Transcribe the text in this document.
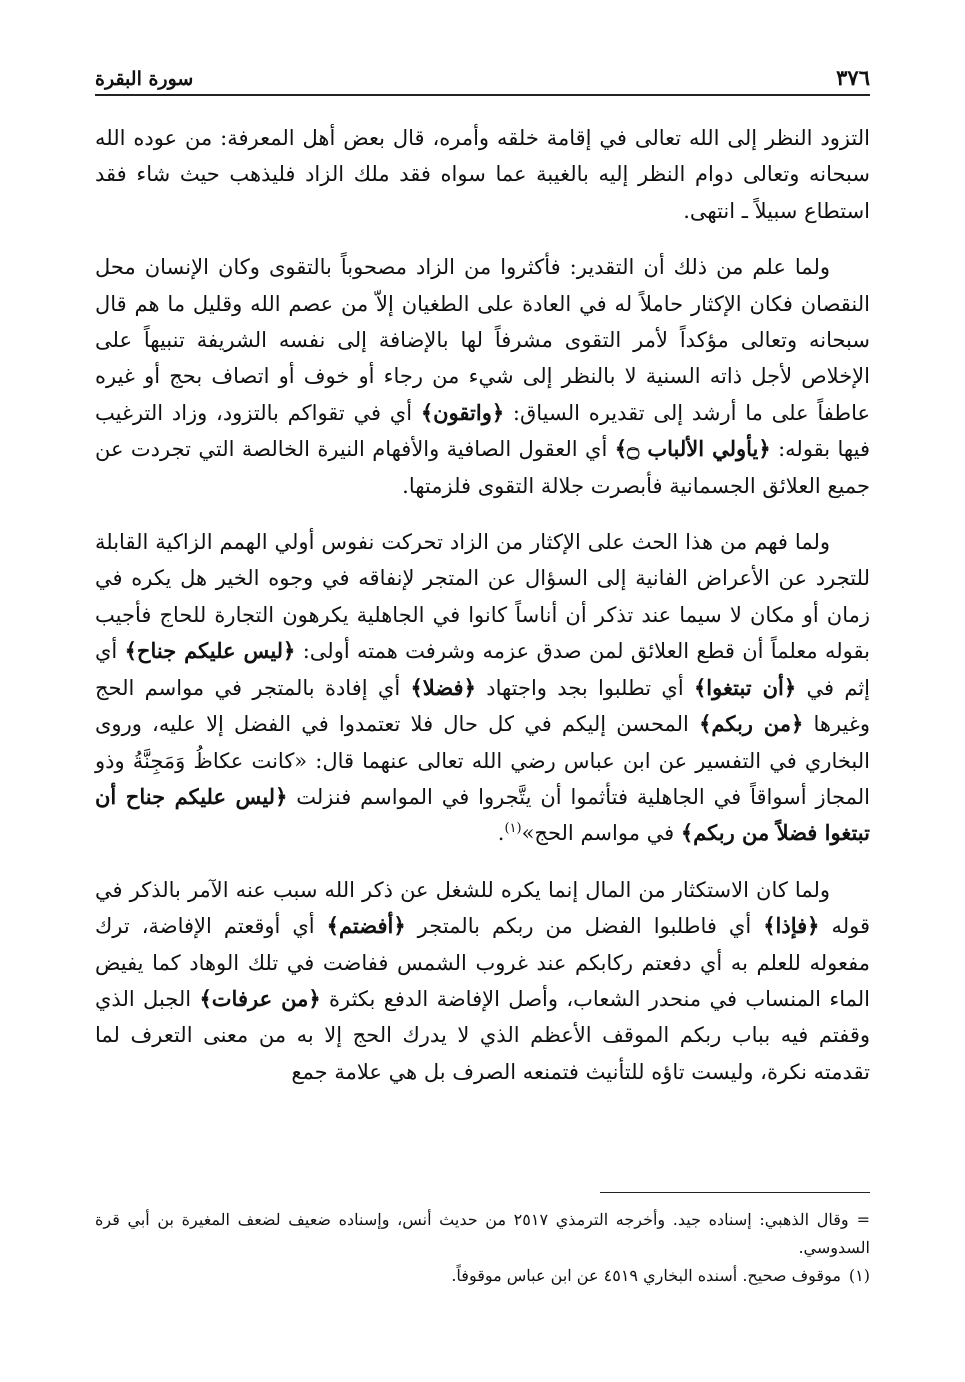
٣٧٦
سورة البقرة

التزود النظر إلى الله تعالى في إقامة خلقه وأمره، قال بعض أهل المعرفة: من عوده الله سبحانه وتعالى دوام النظر إليه بالغيبة عما سواه فقد ملك الزاد فليذهب حيث شاء فقد استطاع سبيلاً ـ انتهى.

ولما علم من ذلك أن التقدير: فأكثروا من الزاد مصحوباً بالتقوى وكان الإنسان محل النقصان فكان الإكثار حاملاً له في العادة على الطغيان إلاّ من عصم الله وقليل ما هم قال سبحانه وتعالى مؤكداً لأمر التقوى مشرفاً لها بالإضافة إلى نفسه الشريفة تنبيهاً على الإخلاص لأجل ذاته السنية لا بالنظر إلى شيء من رجاء أو خوف أو اتصاف بحج أو غيره عاطفاً على ما أرشد إلى تقديره السياق: ﴿واتقون﴾ أي في تقواكم بالتزود، وزاد الترغيب فيها بقوله: ﴿يأولي الألباب ۝﴾ أي العقول الصافية والأفهام النيرة الخالصة التي تجردت عن جميع العلائق الجسمانية فأبصرت جلالة التقوى فلزمتها.

ولما فهم من هذا الحث على الإكثار من الزاد تحركت نفوس أولي الهمم الزاكية القابلة للتجرد عن الأعراض الفانية إلى السؤال عن المتجر لإنفاقه في وجوه الخير هل يكره في زمان أو مكان لا سيما عند تذكر أن أناساً كانوا في الجاهلية يكرهون التجارة للحاج فأجيب بقوله معلماً أن قطع العلائق لمن صدق عزمه وشرفت همته أولى: ﴿ليس عليكم جناح﴾ أي إثم في ﴿أن تبتغوا﴾ أي تطلبوا بجد واجتهاد ﴿فضلا﴾ أي إفادة بالمتجر في مواسم الحج وغيرها ﴿من ربكم﴾ المحسن إليكم في كل حال فلا تعتمدوا في الفضل إلا عليه، وروى البخاري في التفسير عن ابن عباس رضي الله تعالى عنهما قال: «كانت عكاظُ وَمَجِنَّةُ وذو المجاز أسواقاً في الجاهلية فتأثموا أن يتَّجروا في المواسم فنزلت ﴿ليس عليكم جناح أن تبتغوا فضلاً من ربكم﴾ في مواسم الحج»$^{(١)}$.

ولما كان الاستكثار من المال إنما يكره للشغل عن ذكر الله سبب عنه الآمر بالذكر في قوله ﴿فإذا﴾ أي فاطلبوا الفضل من ربكم بالمتجر ﴿أفضتم﴾ أي أوقعتم الإفاضة، ترك مفعوله للعلم به أي دفعتم ركابكم عند غروب الشمس ففاضت في تلك الوهاد كما يفيض الماء المنساب في منحدر الشعاب، وأصل الإفاضة الدفع بكثرة ﴿من عرفات﴾ الجبل الذي وقفتم فيه بباب ربكم الموقف الأعظم الذي لا يدرك الحج إلا به من معنى التعرف لما تقدمته نكرة، وليست تاؤه للتأنيث فتمنعه الصرف بل هي علامة جمع

=وقال الذهبي: إسناده جيد. وأخرجه الترمذي ٢٥١٧ من حديث أنس، وإسناده ضعيف لضعف المغيرة بن أبي قرة السدوسي.

(١)موقوف صحيح. أسنده البخاري ٤٥١٩ عن ابن عباس موقوفاً.
